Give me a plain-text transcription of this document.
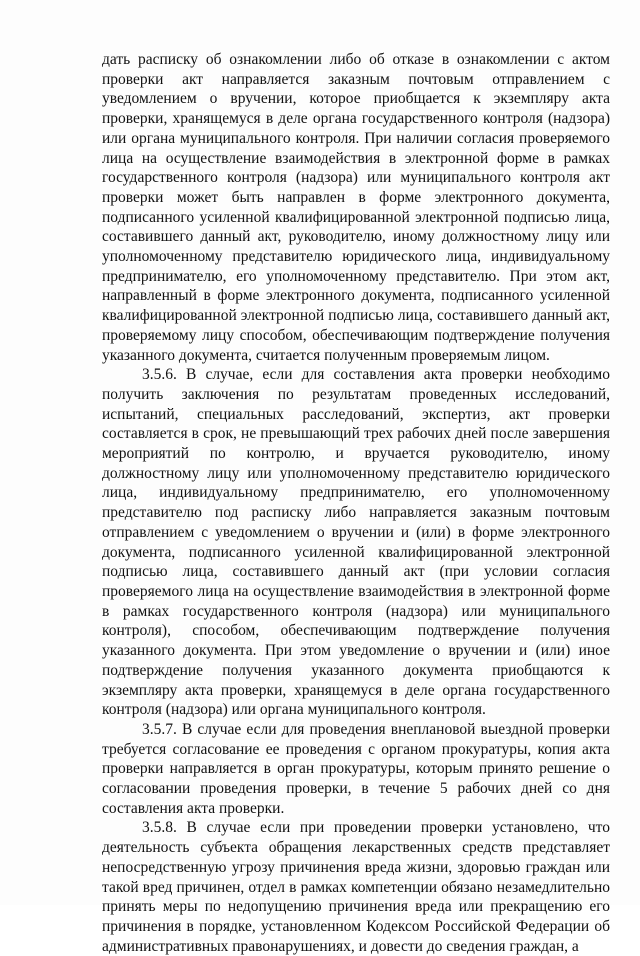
дать расписку об ознакомлении либо об отказе в ознакомлении с актом проверки акт направляется заказным почтовым отправлением с уведомлением о вручении, которое приобщается к экземпляру акта проверки, хранящемуся в деле органа государственного контроля (надзора) или органа муниципального контроля. При наличии согласия проверяемого лица на осуществление взаимодействия в электронной форме в рамках государственного контроля (надзора) или муниципального контроля акт проверки может быть направлен в форме электронного документа, подписанного усиленной квалифицированной электронной подписью лица, составившего данный акт, руководителю, иному должностному лицу или уполномоченному представителю юридического лица, индивидуальному предпринимателю, его уполномоченному представителю. При этом акт, направленный в форме электронного документа, подписанного усиленной квалифицированной электронной подписью лица, составившего данный акт, проверяемому лицу способом, обеспечивающим подтверждение получения указанного документа, считается полученным проверяемым лицом.

3.5.6. В случае, если для составления акта проверки необходимо получить заключения по результатам проведенных исследований, испытаний, специальных расследований, экспертиз, акт проверки составляется в срок, не превышающий трех рабочих дней после завершения мероприятий по контролю, и вручается руководителю, иному должностному лицу или уполномоченному представителю юридического лица, индивидуальному предпринимателю, его уполномоченному представителю под расписку либо направляется заказным почтовым отправлением с уведомлением о вручении и (или) в форме электронного документа, подписанного усиленной квалифицированной электронной подписью лица, составившего данный акт (при условии согласия проверяемого лица на осуществление взаимодействия в электронной форме в рамках государственного контроля (надзора) или муниципального контроля), способом, обеспечивающим подтверждение получения указанного документа. При этом уведомление о вручении и (или) иное подтверждение получения указанного документа приобщаются к экземпляру акта проверки, хранящемуся в деле органа государственного контроля (надзора) или органа муниципального контроля.

3.5.7. В случае если для проведения внеплановой выездной проверки требуется согласование ее проведения с органом прокуратуры, копия акта проверки направляется в орган прокуратуры, которым принято решение о согласовании проведения проверки, в течение 5 рабочих дней со дня составления акта проверки.

3.5.8. В случае если при проведении проверки установлено, что деятельность субъекта обращения лекарственных средств представляет непосредственную угрозу причинения вреда жизни, здоровью граждан или такой вред причинен, отдел в рамках компетенции обязано незамедлительно принять меры по недопущению причинения вреда или прекращению его причинения в порядке, установленном Кодексом Российской Федерации об административных правонарушениях, и довести до сведения граждан, а
